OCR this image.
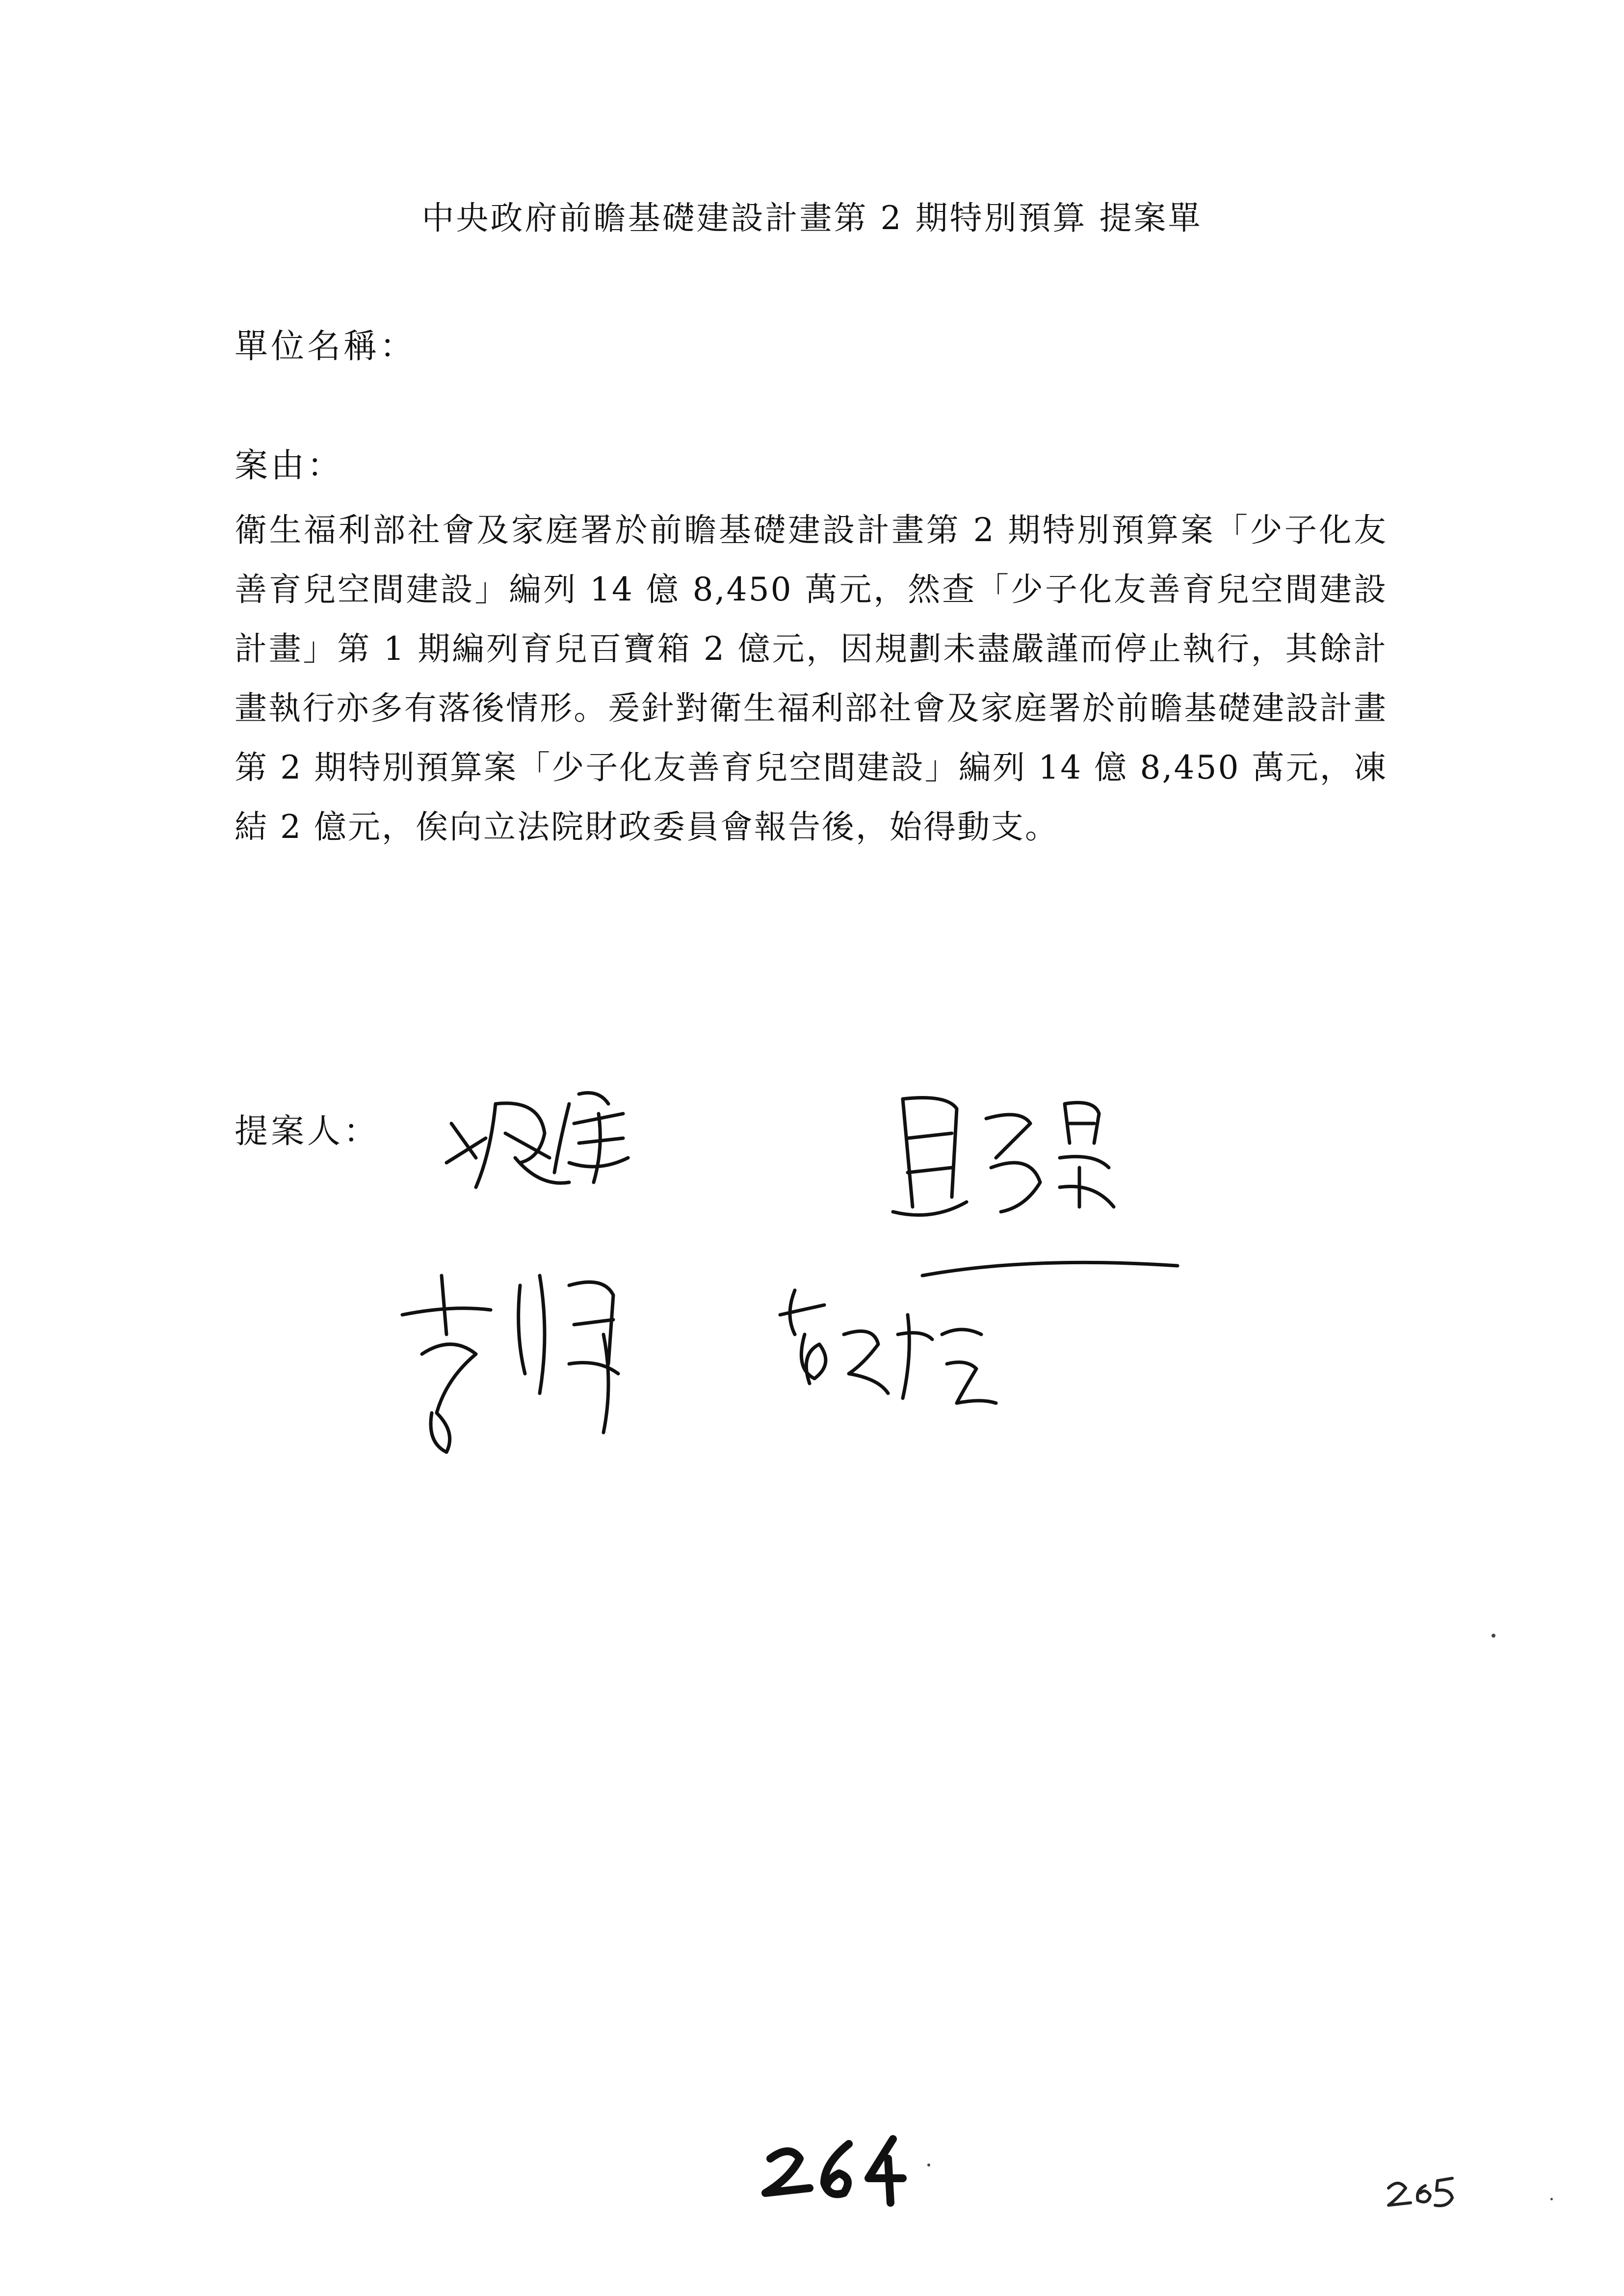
中央政府前瞻基礎建設計畫第 2 期特別預算 提案單
單位名稱：
案由：
衛生福利部社會及家庭署於前瞻基礎建設計畫第 2 期特別預算案「少子化友善育兒空間建設」編列 14 億 8,450 萬元，然查「少子化友善育兒空間建設計畫」第 1 期編列育兒百寶箱 2 億元，因規劃未盡嚴謹而停止執行，其餘計畫執行亦多有落後情形。爰針對衛生福利部社會及家庭署於前瞻基礎建設計畫第 2 期特別預算案「少子化友善育兒空間建設」編列 14 億 8,450 萬元，凍結 2 億元，俟向立法院財政委員會報告後，始得動支。
提案人：
